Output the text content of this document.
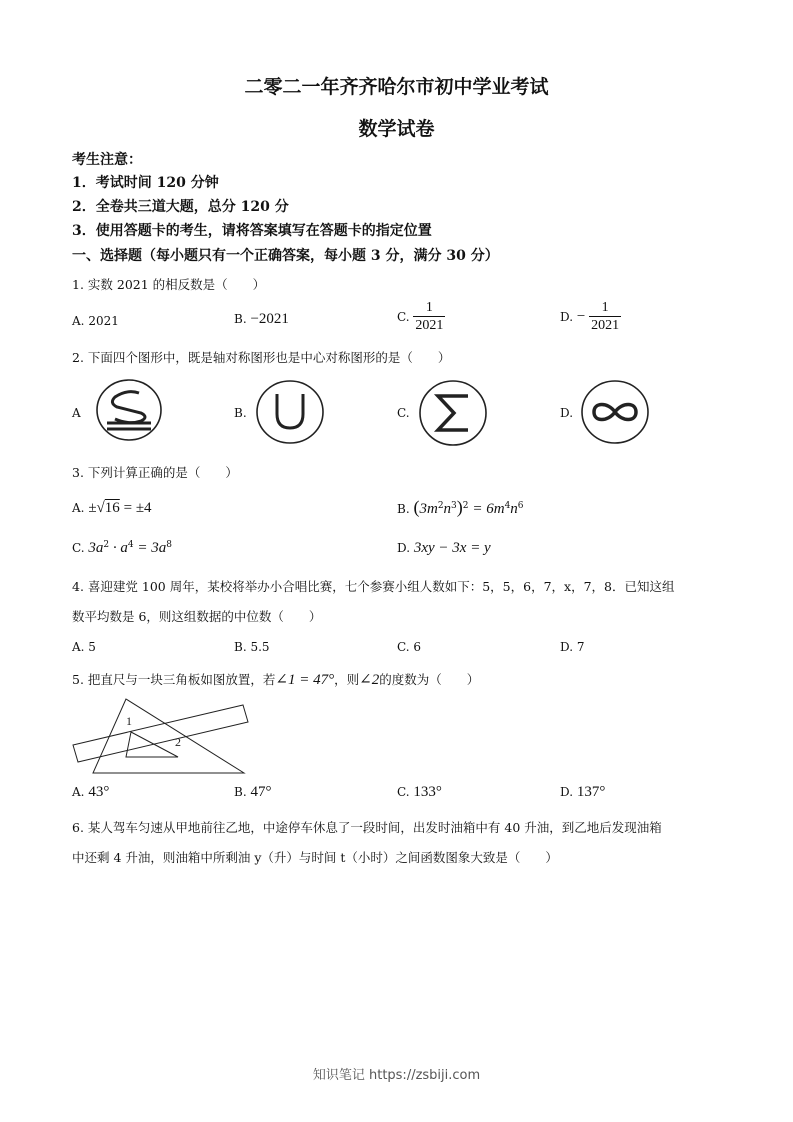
二零二一年齐齐哈尔市初中学业考试
数学试卷
考生注意：
1．考试时间 120 分钟
2．全卷共三道大题，总分 120 分
3．使用答题卡的考生，请将答案填写在答题卡的指定位置
一、选择题（每小题只有一个正确答案，每小题 3 分，满分 30 分）
1. 实数 2021 的相反数是（　　）
A. 2021	B. −2021	C. $\frac{1}{2021}$	D. − $\frac{1}{2021}$
2. 下面四个图形中，既是轴对称图形也是中心对称图形的是（　　）
A	B.	C.	D.
3. 下列计算正确的是（　　）
A. ±√16 = ±4	B. $(3m^2n^3)^2 = 6m^4n^6$
C. $3a^2 \cdot a^4 = 3a^8$	D. 3xy − 3x = y
4. 喜迎建党 100 周年，某校将举办小合唱比赛，七个参赛小组人数如下：5，5，6，7，x，7，8．已知这组
数平均数是 6，则这组数据的中位数（　　）
A. 5	B. 5.5	C. 6	D. 7
5. 把直尺与一块三角板如图放置，若∠1 = 47°，则∠2的度数为（　　）
1
2
A. 43°	B. 47°	C. 133°	D. 137°
6. 某人驾车匀速从甲地前往乙地，中途停车休息了一段时间，出发时油箱中有 40 升油，到乙地后发现油箱
中还剩 4 升油，则油箱中所剩油 y（升）与时间 t（小时）之间函数图象大致是（　　）
知识笔记 https://zsbiji.com
